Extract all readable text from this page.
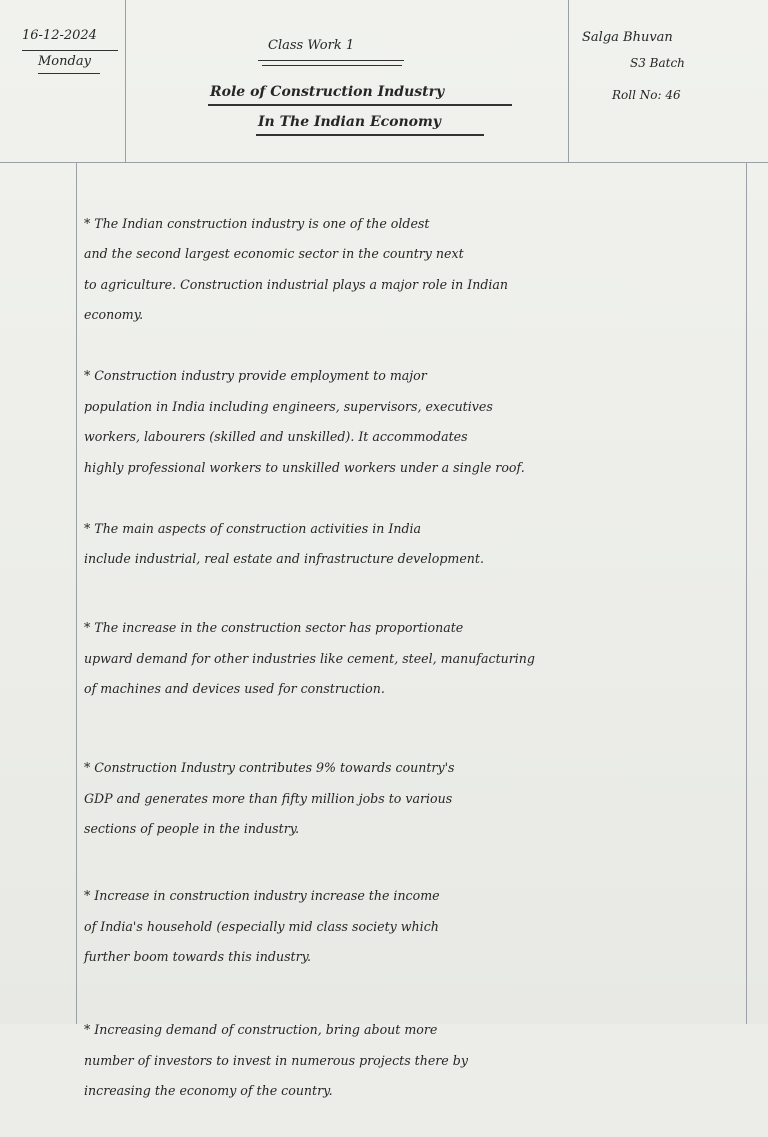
16-12-2024
Monday
Class Work 1
Role of Construction Industry
In The Indian Economy
Salga Bhuvan
S3 Batch
Roll No: 46

* The Indian construction industry is one of the oldest
and the second largest economic sector in the country next
to agriculture. Construction industrial plays a major role in Indian
economy.

* Construction industry provide employment to major
population in India including engineers, supervisors, executives
workers, labourers (skilled and unskilled). It accommodates
highly professional workers to unskilled workers under a single roof.

* The main aspects of construction activities in India
include industrial, real estate and infrastructure development.

* The increase in the construction sector has proportionate
upward demand for other industries like cement, steel, manufacturing
of machines and devices used for construction.

* Construction Industry contributes 9% towards country's
GDP and generates more than fifty million jobs to various
sections of people in the industry.

* Increase in construction industry increase the income
of India's household (especially mid class society which
further boom towards this industry.

* Increasing demand of construction, bring about more
number of investors to invest in numerous projects there by
increasing the economy of the country.
